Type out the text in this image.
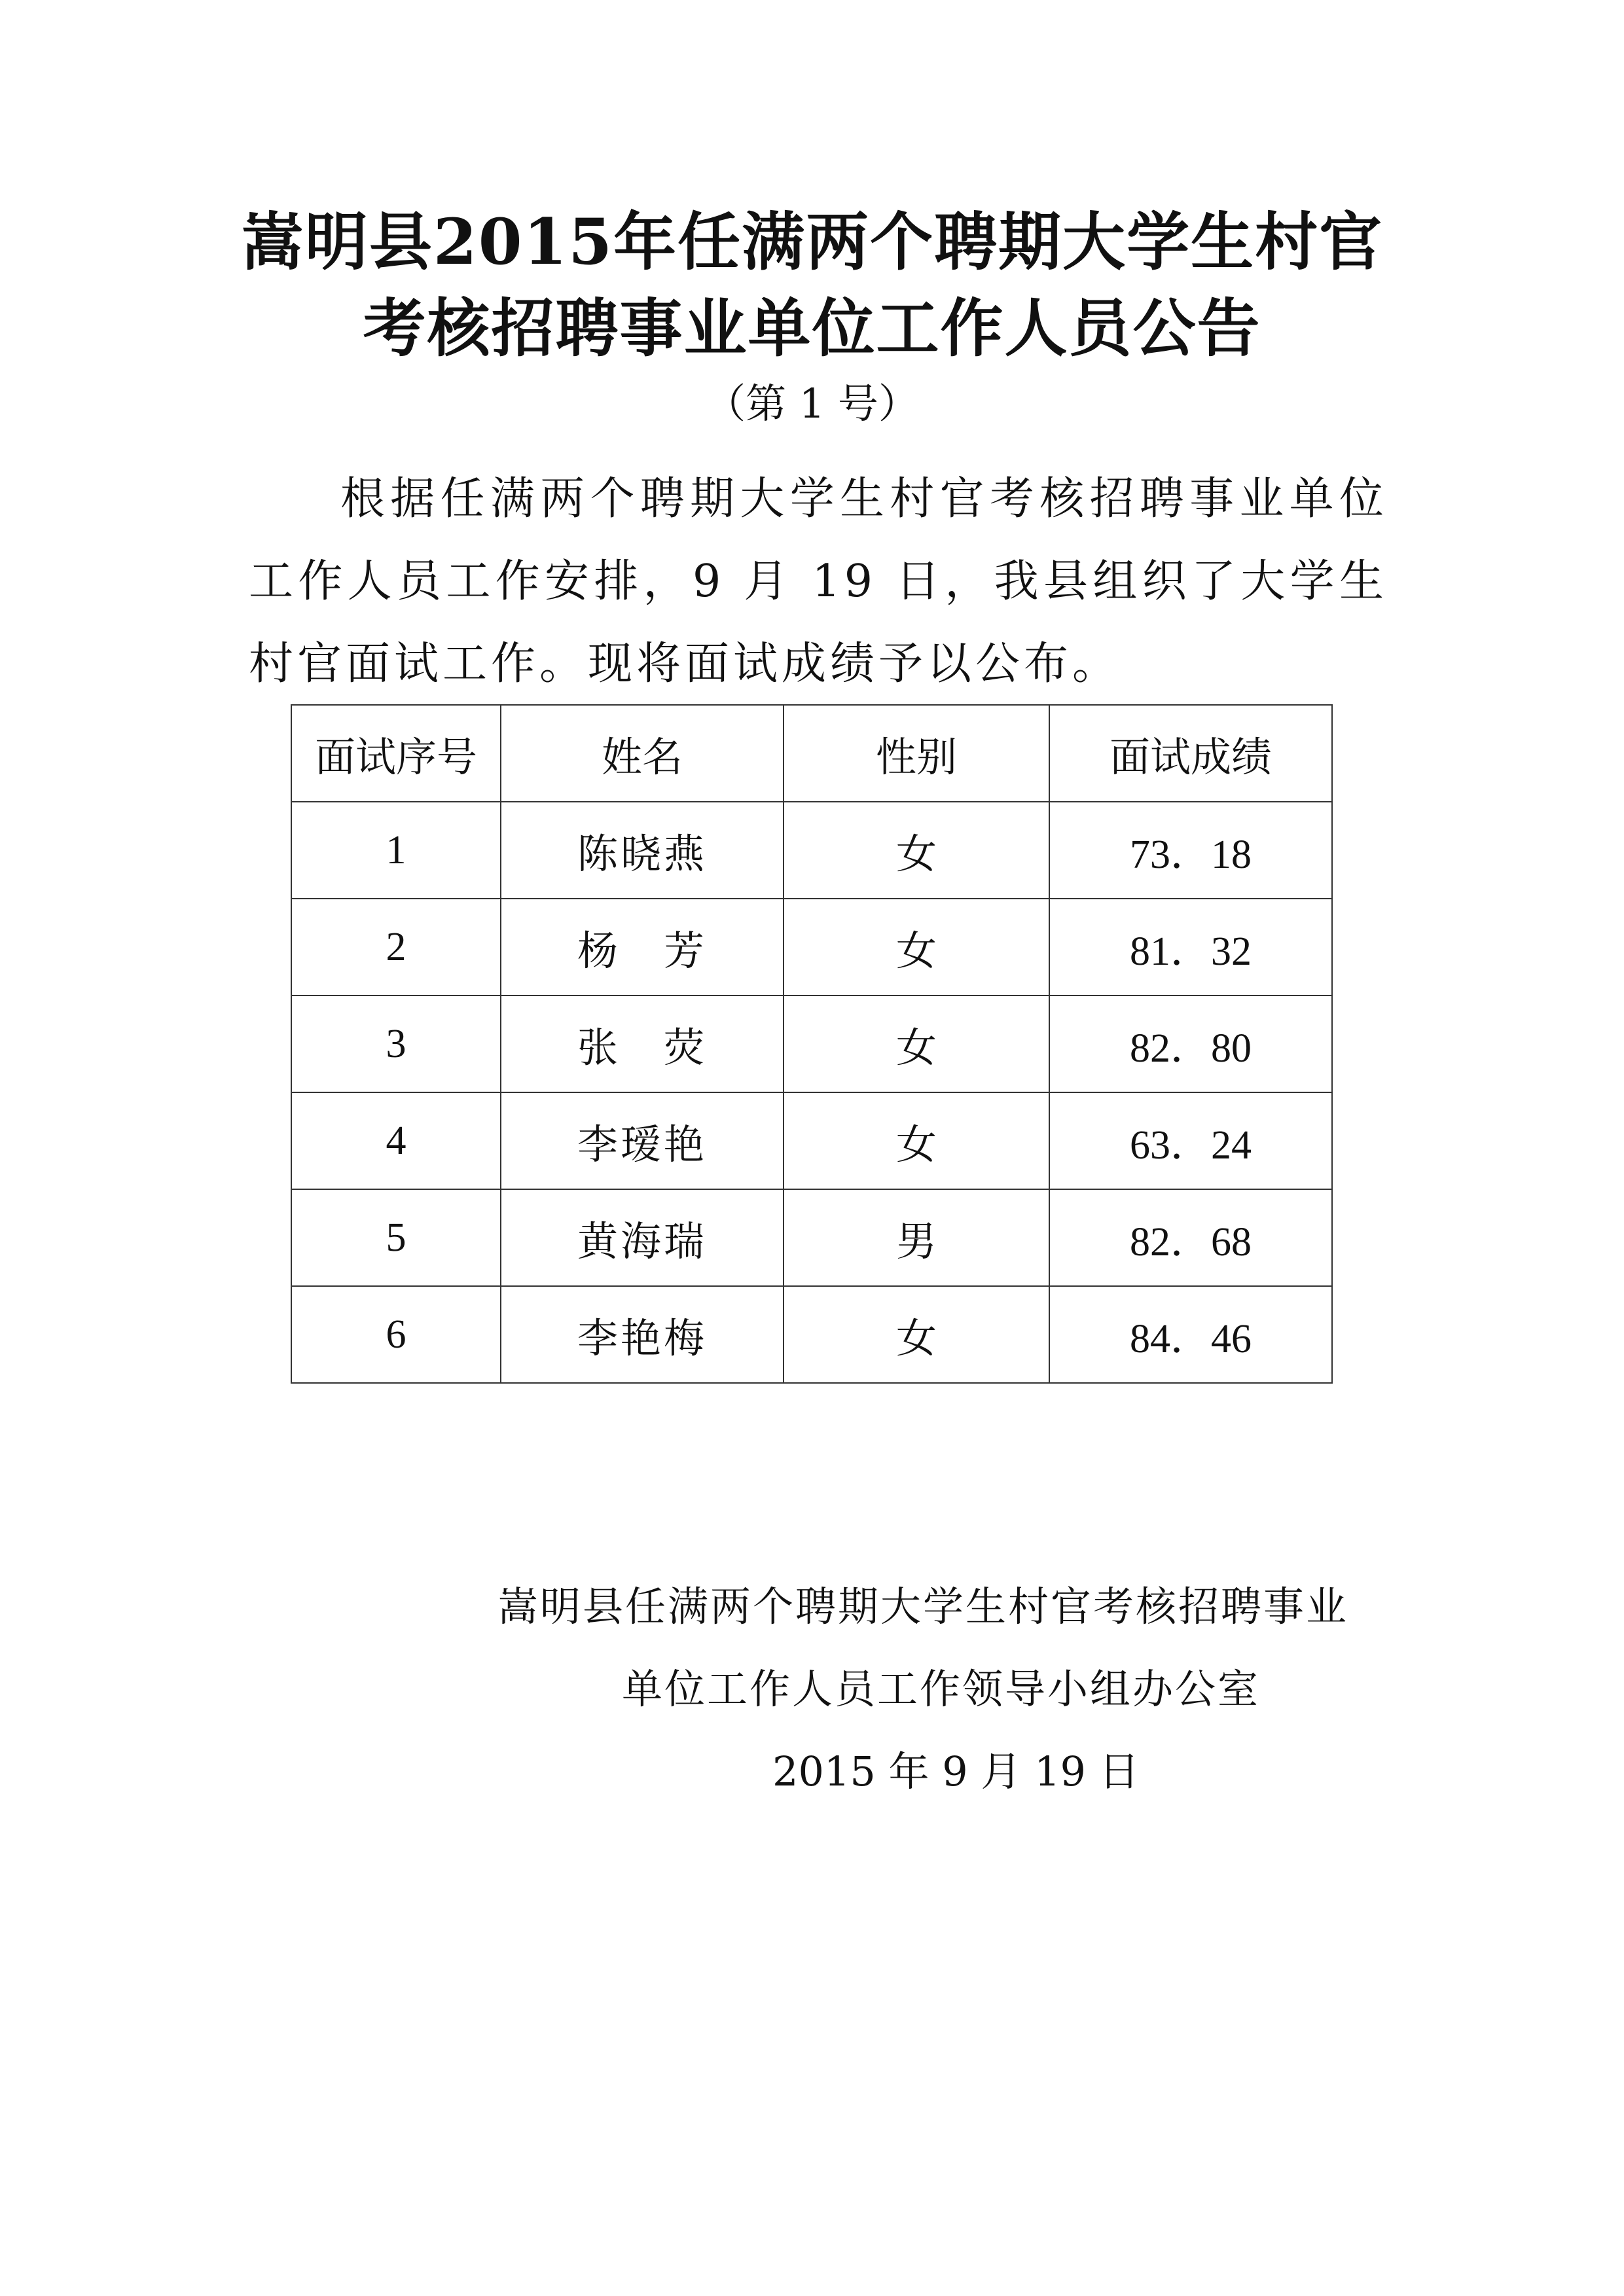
嵩明县2015年任满两个聘期大学生村官
考核招聘事业单位工作人员公告
（第 1 号）
根据任满两个聘期大学生村官考核招聘事业单位工作人员工作安排，9 月 19 日，我县组织了大学生村官面试工作。现将面试成绩予以公布。
面试序号	姓名	性别	面试成绩
1	陈晓燕	女	73．18
2	杨　芳	女	81．32
3	张　荧	女	82．80
4	李瑷艳	女	63．24
5	黄海瑞	男	82．68
6	李艳梅	女	84．46
嵩明县任满两个聘期大学生村官考核招聘事业
单位工作人员工作领导小组办公室
2015 年 9 月 19 日
